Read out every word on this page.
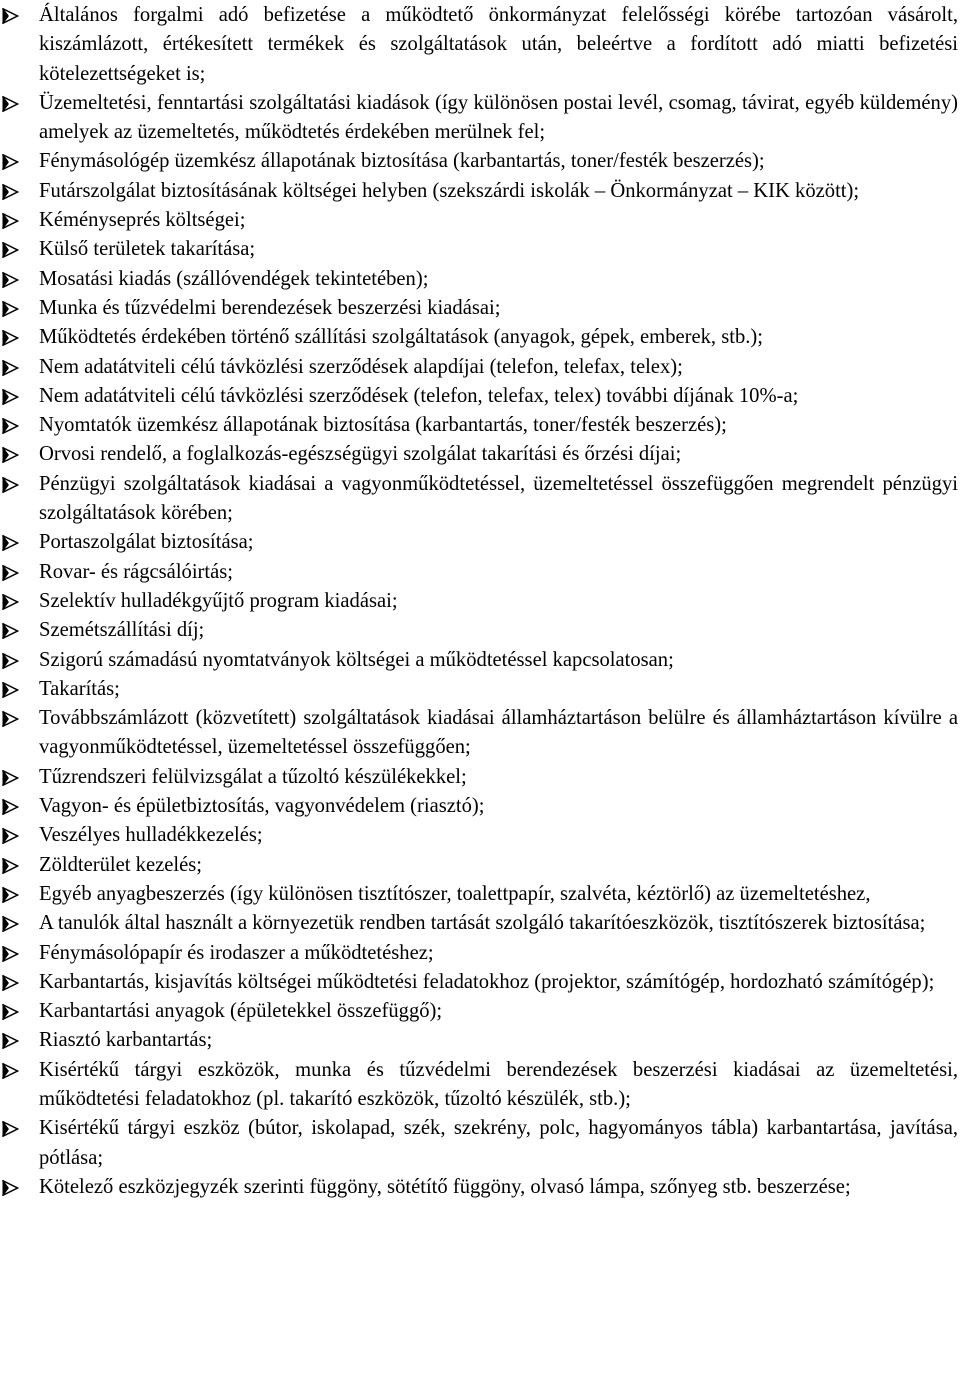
Általános forgalmi adó befizetése a működtető önkormányzat felelősségi körébe tartozóan vásárolt, kiszámlázott, értékesített termékek és szolgáltatások után, beleértve a fordított adó miatti befizetési kötelezettségeket is;
Üzemeltetési, fenntartási szolgáltatási kiadások (így különösen postai levél, csomag, távirat, egyéb küldemény) amelyek az üzemeltetés, működtetés érdekében merülnek fel;
Fénymásológép üzemkész állapotának biztosítása (karbantartás, toner/festék beszerzés);
Futárszolgálat biztosításának költségei helyben (szekszárdi iskolák – Önkormányzat – KIK között);
Kéményseprés költségei;
Külső területek takarítása;
Mosatási kiadás (szállóvendégek tekintetében);
Munka és tűzvédelmi berendezések beszerzési kiadásai;
Működtetés érdekében történő szállítási szolgáltatások (anyagok, gépek, emberek, stb.);
Nem adatátviteli célú távközlési szerződések alapdíjai (telefon, telefax, telex);
Nem adatátviteli célú távközlési szerződések (telefon, telefax, telex) további díjának 10%-a;
Nyomtatók üzemkész állapotának biztosítása (karbantartás, toner/festék beszerzés);
Orvosi rendelő, a foglalkozás-egészségügyi szolgálat takarítási és őrzési díjai;
Pénzügyi szolgáltatások kiadásai a vagyonműködtetéssel, üzemeltetéssel összefüggően megrendelt pénzügyi szolgáltatások körében;
Portaszolgálat biztosítása;
Rovar- és rágcsálóirtás;
Szelektív hulladékgyűjtő program kiadásai;
Szemétszállítási díj;
Szigorú számadású nyomtatványok költségei a működtetéssel kapcsolatosan;
Takarítás;
Továbbszámlázott (közvetített) szolgáltatások kiadásai államháztartáson belülre és államháztartáson kívülre a vagyonműködtetéssel, üzemeltetéssel összefüggően;
Tűzrendszeri felülvizsgálat a tűzoltó készülékekkel;
Vagyon- és épületbiztosítás, vagyonvédelem (riasztó);
Veszélyes hulladékkezelés;
Zöldterület kezelés;
Egyéb anyagbeszerzés (így különösen tisztítószer, toalettpapír, szalvéta, kéztörlő) az üzemeltetéshez,
A tanulók által használt a környezetük rendben tartását szolgáló takarítóeszközök, tisztítószerek biztosítása;
Fénymásolópapír és irodaszer a működtetéshez;
Karbantartás, kisjavítás költségei működtetési feladatokhoz (projektor, számítógép, hordozható számítógép);
Karbantartási anyagok (épületekkel összefüggő);
Riasztó karbantartás;
Kisértékű tárgyi eszközök, munka és tűzvédelmi berendezések beszerzési kiadásai az üzemeltetési, működtetési feladatokhoz (pl. takarító eszközök, tűzoltó készülék, stb.);
Kisértékű tárgyi eszköz (bútor, iskolapad, szék, szekrény, polc, hagyományos tábla) karbantartása, javítása, pótlása;
Kötelező eszközjegyzék szerinti függöny, sötétítő függöny, olvasó lámpa, szőnyeg stb. beszerzése;
